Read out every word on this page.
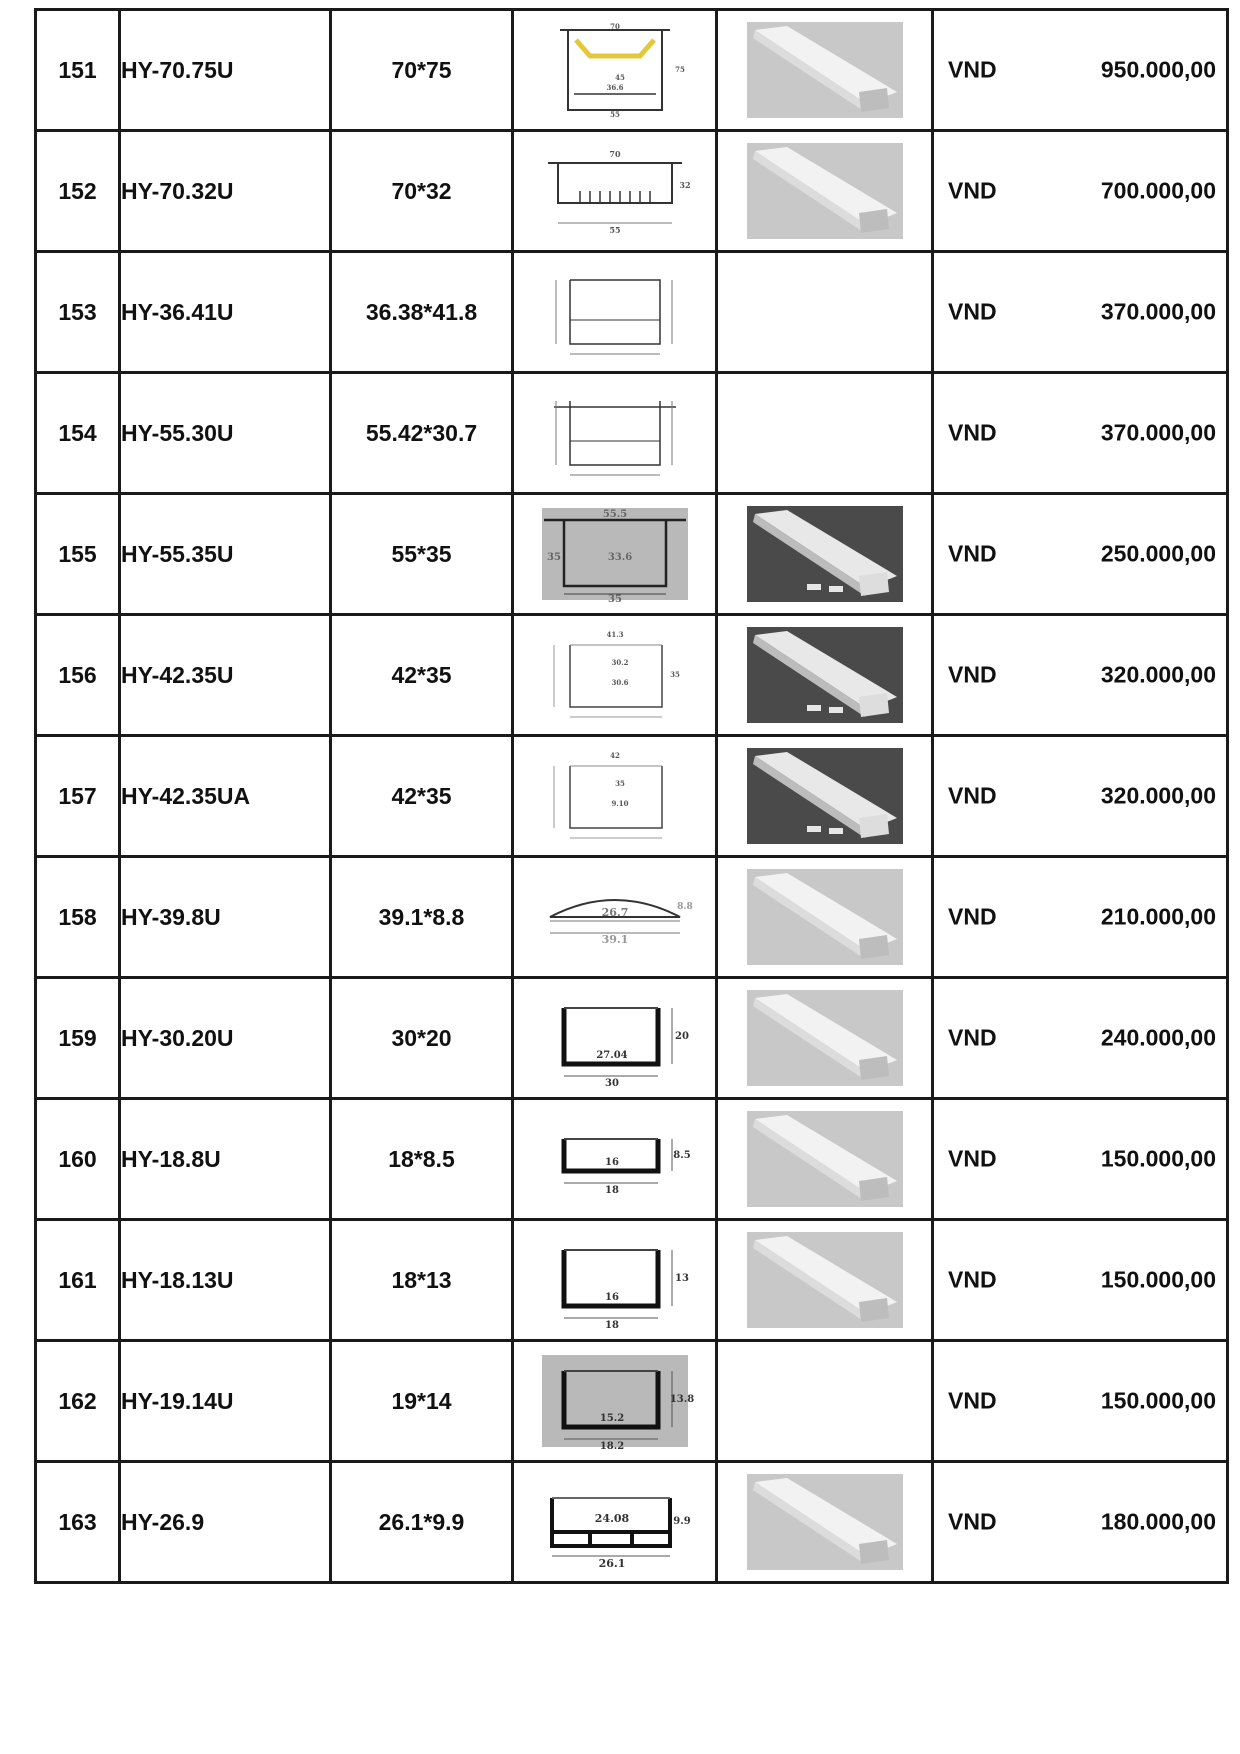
151	HY-70.75U	70*75	70
75
45
36.6
55		VND 950.000,00

152	HY-70.32U	70*32	70
32
55		VND 700.000,00

153	HY-36.41U	36.38*41.8			VND 370.000,00

154	HY-55.30U	55.42*30.7			VND 370.000,00

155	HY-55.35U	55*35	55.5
35 33.6
35		VND 250.000,00

156	HY-42.35U	42*35	41.3
30.2
30.6
35		VND 320.000,00

157	HY-42.35UA	42*35	42
35
9.10		VND 320.000,00

158	HY-39.8U	39.1*8.8	26.7
39.1
8.8		VND 210.000,00

159	HY-30.20U	30*20	27.04
30
20		VND 240.000,00

160	HY-18.8U	18*8.5	16
18
8.5		VND 150.000,00

161	HY-18.13U	18*13	16
18
13		VND 150.000,00

162	HY-19.14U	19*14	15.2
18.2
13.8		VND 150.000,00

163	HY-26.9	26.1*9.9	24.08
26.1
9.9		VND 180.000,00
